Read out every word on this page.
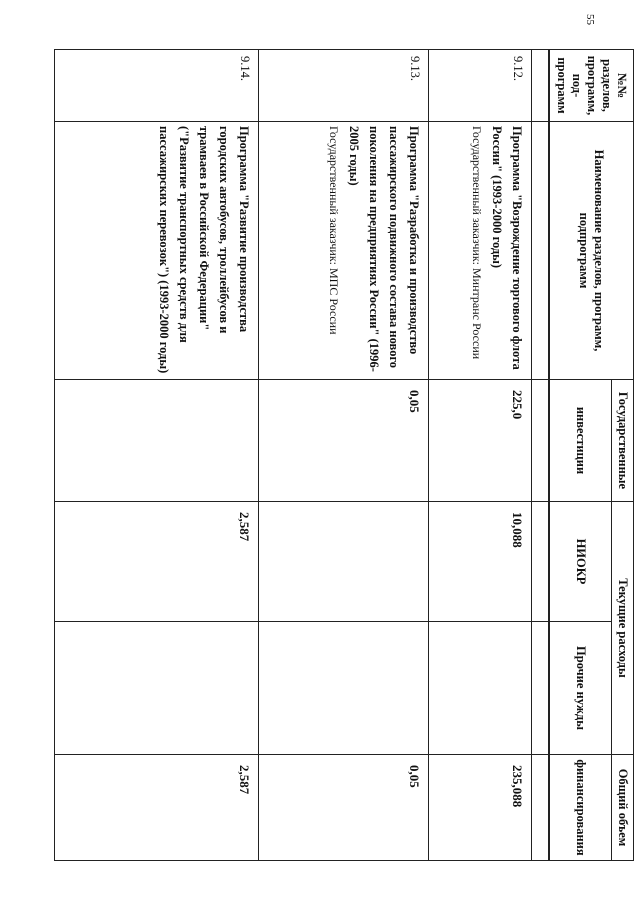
55
№№ разделов, программ, под-программ
Наименование разделов, программ, подпрограмм
Государственные
инвестиции
Текущие расходы
НИОКР
Прочие нужды
Общий объем
финансирования
9.12.
Программа "Возрождение торгового флота России" (1993-2000 годы)
Государственный заказчик: Минтранс России
225,0
10,088
235,088
9.13.
Программа "Разработка и производство пассажирского подвижного состава нового поколения на предприятиях России" (1996-2005 годы)
Государственный заказчик: МПС России
0,05
0,05
9.14.
Программа "Развитие производства городских автобусов, троллейбусов и трамваев в Российской Федерации" ("Развитие транспортных средств для пассажирских перевозок") (1993-2000 годы)
2,587
2,587
